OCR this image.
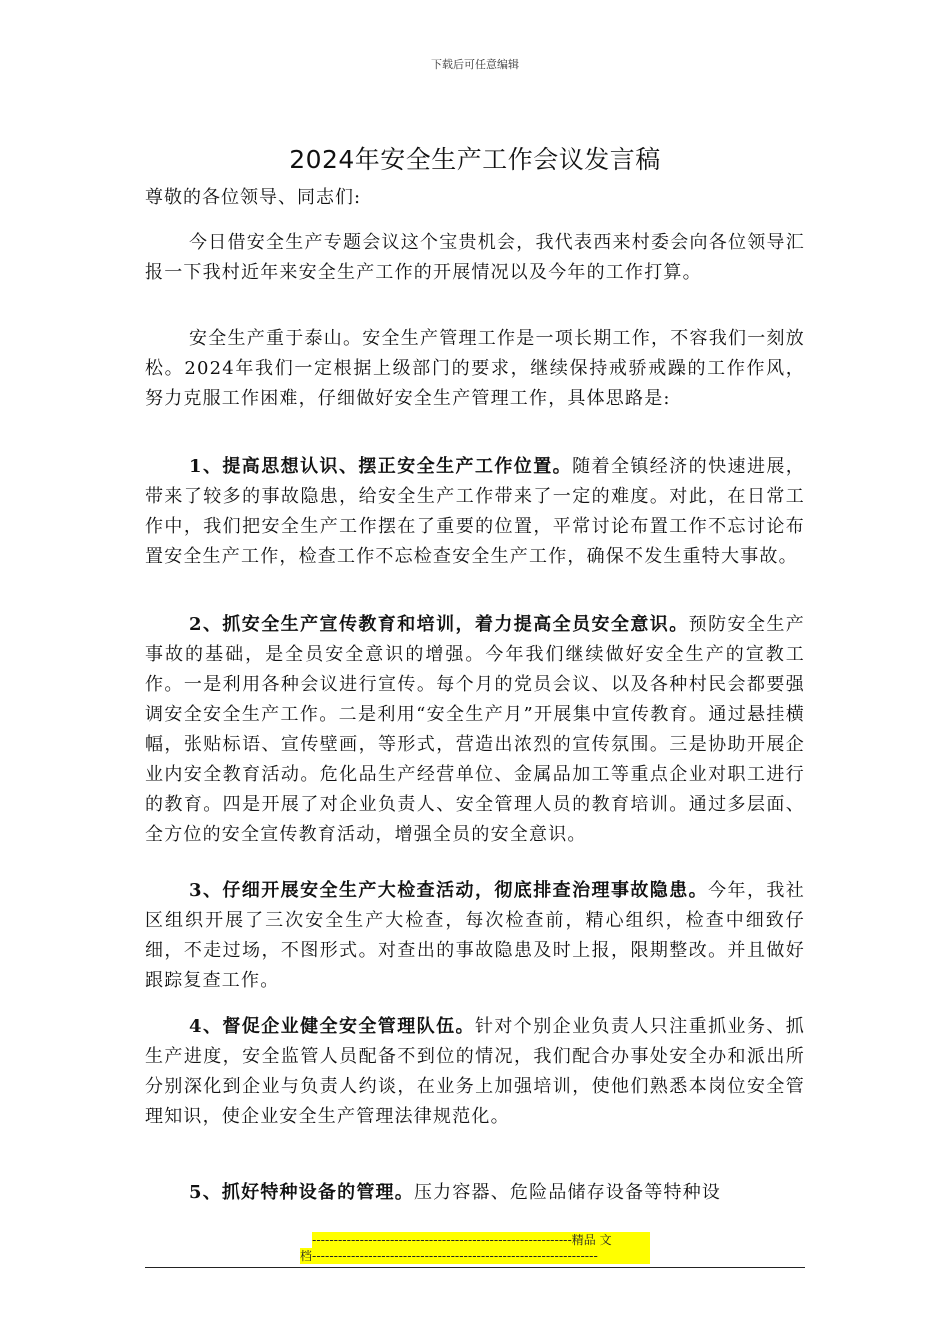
下载后可任意编辑
2024年安全生产工作会议发言稿
尊敬的各位领导、同志们:

今日借安全生产专题会议这个宝贵机会，我代表西来村委会向各位领导汇报一下我村近年来安全生产工作的开展情况以及今年的工作打算。

安全生产重于泰山。安全生产管理工作是一项长期工作，不容我们一刻放松。2024年我们一定根据上级部门的要求，继续保持戒骄戒躁的工作作风，努力克服工作困难，仔细做好安全生产管理工作，具体思路是:

1、提高思想认识、摆正安全生产工作位置。随着全镇经济的快速进展，带来了较多的事故隐患，给安全生产工作带来了一定的难度。对此，在日常工作中，我们把安全生产工作摆在了重要的位置，平常讨论布置工作不忘讨论布置安全生产工作，检查工作不忘检查安全生产工作，确保不发生重特大事故。

2、抓安全生产宣传教育和培训，着力提高全员安全意识。预防安全生产事故的基础，是全员安全意识的增强。今年我们继续做好安全生产的宣教工作。一是利用各种会议进行宣传。每个月的党员会议、以及各种村民会都要强调安全安全生产工作。二是利用“安全生产月”开展集中宣传教育。通过悬挂横幅，张贴标语、宣传壁画，等形式，营造出浓烈的宣传氛围。三是协助开展企业内安全教育活动。危化品生产经营单位、金属品加工等重点企业对职工进行的教育。四是开展了对企业负责人、安全管理人员的教育培训。通过多层面、全方位的安全宣传教育活动，增强全员的安全意识。

3、仔细开展安全生产大检查活动，彻底排查治理事故隐患。今年，我社区组织开展了三次安全生产大检查，每次检查前，精心组织，检查中细致仔细，不走过场，不图形式。对查出的事故隐患及时上报，限期整改。并且做好跟踪复查工作。

4、督促企业健全安全管理队伍。针对个别企业负责人只注重抓业务、抓生产进度，安全监管人员配备不到位的情况，我们配合办事处安全办和派出所分别深化到企业与负责人约谈，在业务上加强培训，使他们熟悉本岗位安全管理知识，使企业安全生产管理法律规范化。

5、抓好特种设备的管理。压力容器、危险品储存设备等特种设

------------------------------------------------------------精品 文
档------------------------------------------------------------------
